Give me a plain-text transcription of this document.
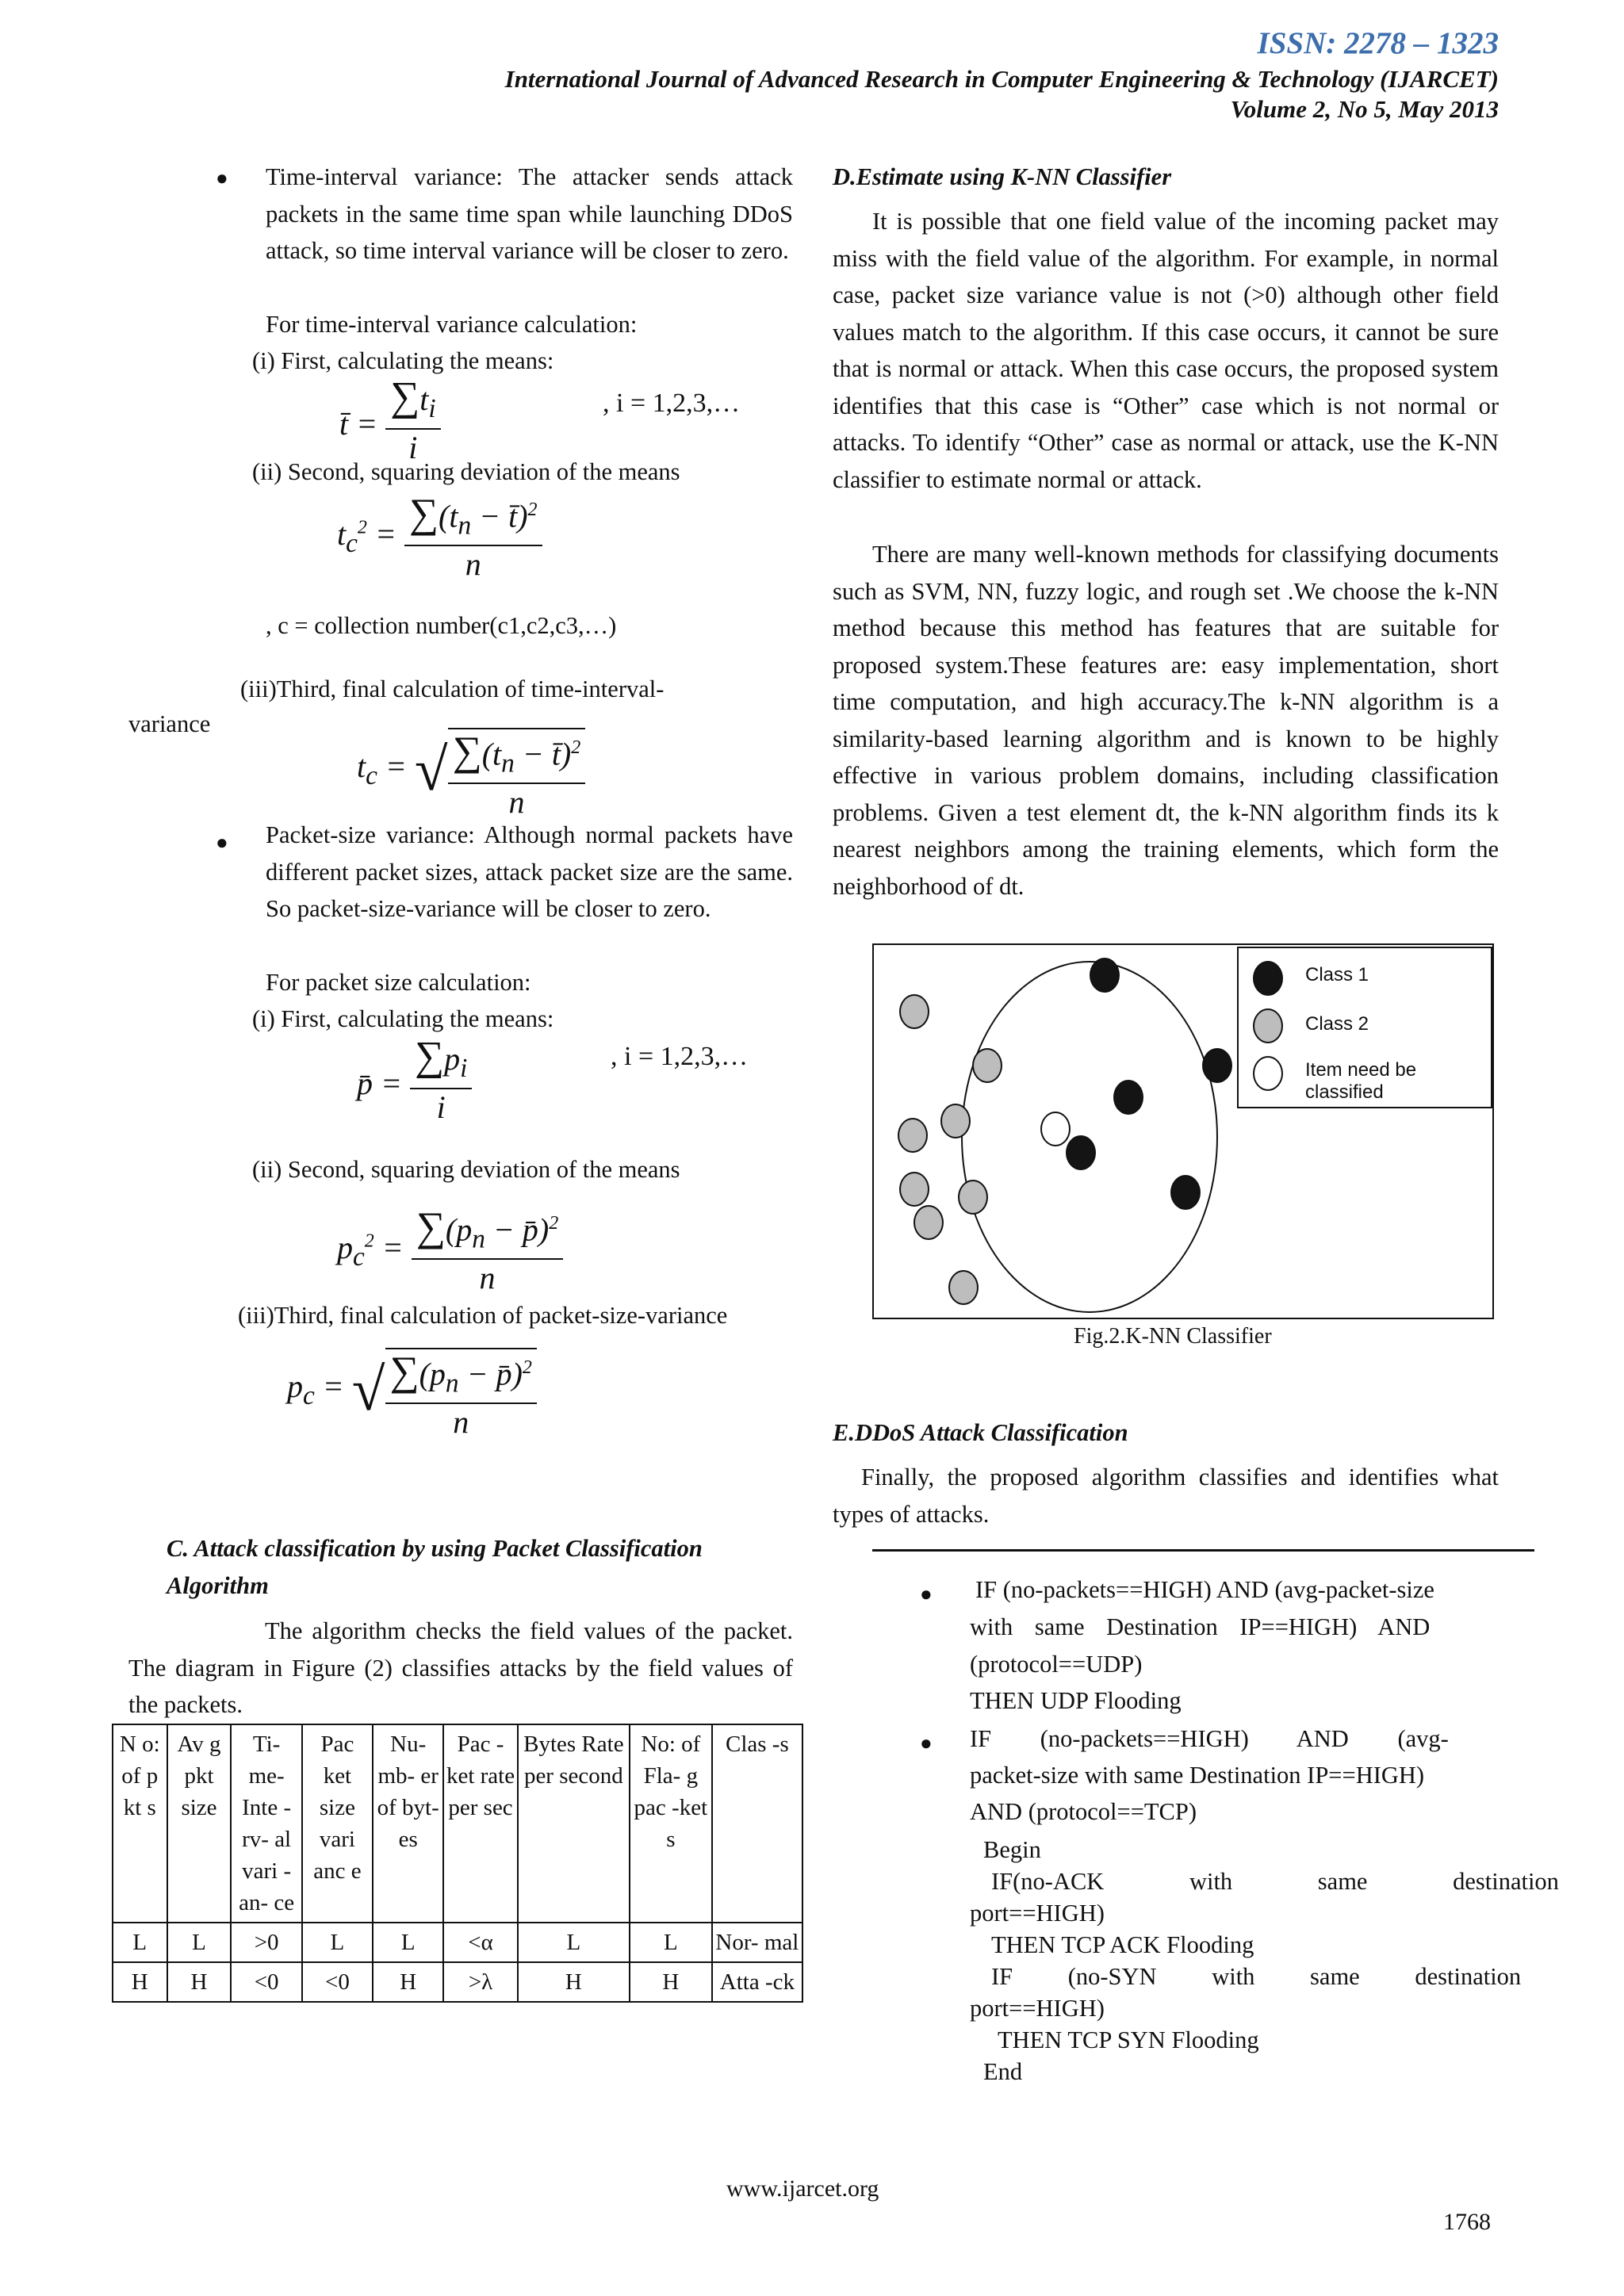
ISSN: 2278 – 1323
International Journal of Advanced Research in Computer Engineering & Technology (IJARCET)
Volume 2, No 5, May 2013
● Time-interval variance: The attacker sends attack packets in the same time span while launching DDoS attack, so time interval variance will be closer to zero.
For time-interval variance calculation:
(i) First, calculating the means:
t̄ = $\frac{\sum t_i}{i}$	, i = 1,2,3,…
(ii) Second, squaring deviation of the means
$t_c^2 = \frac{\sum(t_n - t̄)^2}{n}$
, c = collection number(c1,c2,c3,…)
(iii)Third, final calculation of time-interval-
variance
$t_c$ = √ $\frac{\sum(t_n - t̄)^2}{n}$
● Packet-size variance: Although normal packets have different packet sizes, attack packet size are the same. So packet-size-variance will be closer to zero.
For packet size calculation:
(i) First, calculating the means:
p̄ = $\frac{\sum p_i}{i}$	, i = 1,2,3,…
(ii) Second, squaring deviation of the means
$p_c^2 = \frac{\sum(p_n - p̄)^2}{n}$
(iii)Third, final calculation of packet-size-variance
$p_c$ = √ $\frac{\sum(p_n - p̄)^2}{n}$
C. Attack classification by using Packet Classification Algorithm
The algorithm checks the field values of the packet. The diagram in Figure (2) classifies attacks by the field values of the packets.
N o: of p kt s	Av g pkt size	Ti- me- Inte -rv- al vari -an- ce	Pac ket size vari anc e	Nu- mb- er of byt- es	Pac -ket rate per sec	Bytes Rate per second	No: of Fla- g pac -ket s	Clas -s
L	L	>0	L	L	<α	L	L	Nor- mal
H	H	<0	<0	H	>λ	H	H	Atta -ck
D.Estimate using K-NN Classifier
It is possible that one field value of the incoming packet may miss with the field value of the algorithm. For example, in normal case, packet size variance value is not (>0) although other field values match to the algorithm. If this case occurs, it cannot be sure that is normal or attack. When this case occurs, the proposed system identifies that this case is “Other” case which is not normal or attacks. To identify “Other” case as normal or attack, use the K-NN classifier to estimate normal or attack.
There are many well-known methods for classifying documents such as SVM, NN, fuzzy logic, and rough set .We choose the k-NN method because this method has features that are suitable for proposed system.These features are: easy implementation, short time computation, and high accuracy.The k-NN algorithm is a similarity-based learning algorithm and is known to be highly effective in various problem domains, including classification problems. Given a test element dt, the k-NN algorithm finds its k nearest neighbors among the training elements, which form the neighborhood of dt.
Class 1
Class 2
Item need be classified
Fig.2.K-NN Classifier
E.DDoS Attack Classification
Finally, the proposed algorithm classifies and identifies what types of attacks.
● IF (no-packets==HIGH) AND (avg-packet-size
with same Destination IP==HIGH) AND
(protocol==UDP)
THEN UDP Flooding
● IF (no-packets==HIGH) AND (avg-
packet-size with same Destination IP==HIGH)
AND (protocol==TCP)
Begin
IF(no-ACK with same destination
port==HIGH)
THEN TCP ACK Flooding
IF (no-SYN with same destination
port==HIGH)
THEN TCP SYN Flooding
End
www.ijarcet.org
1768
